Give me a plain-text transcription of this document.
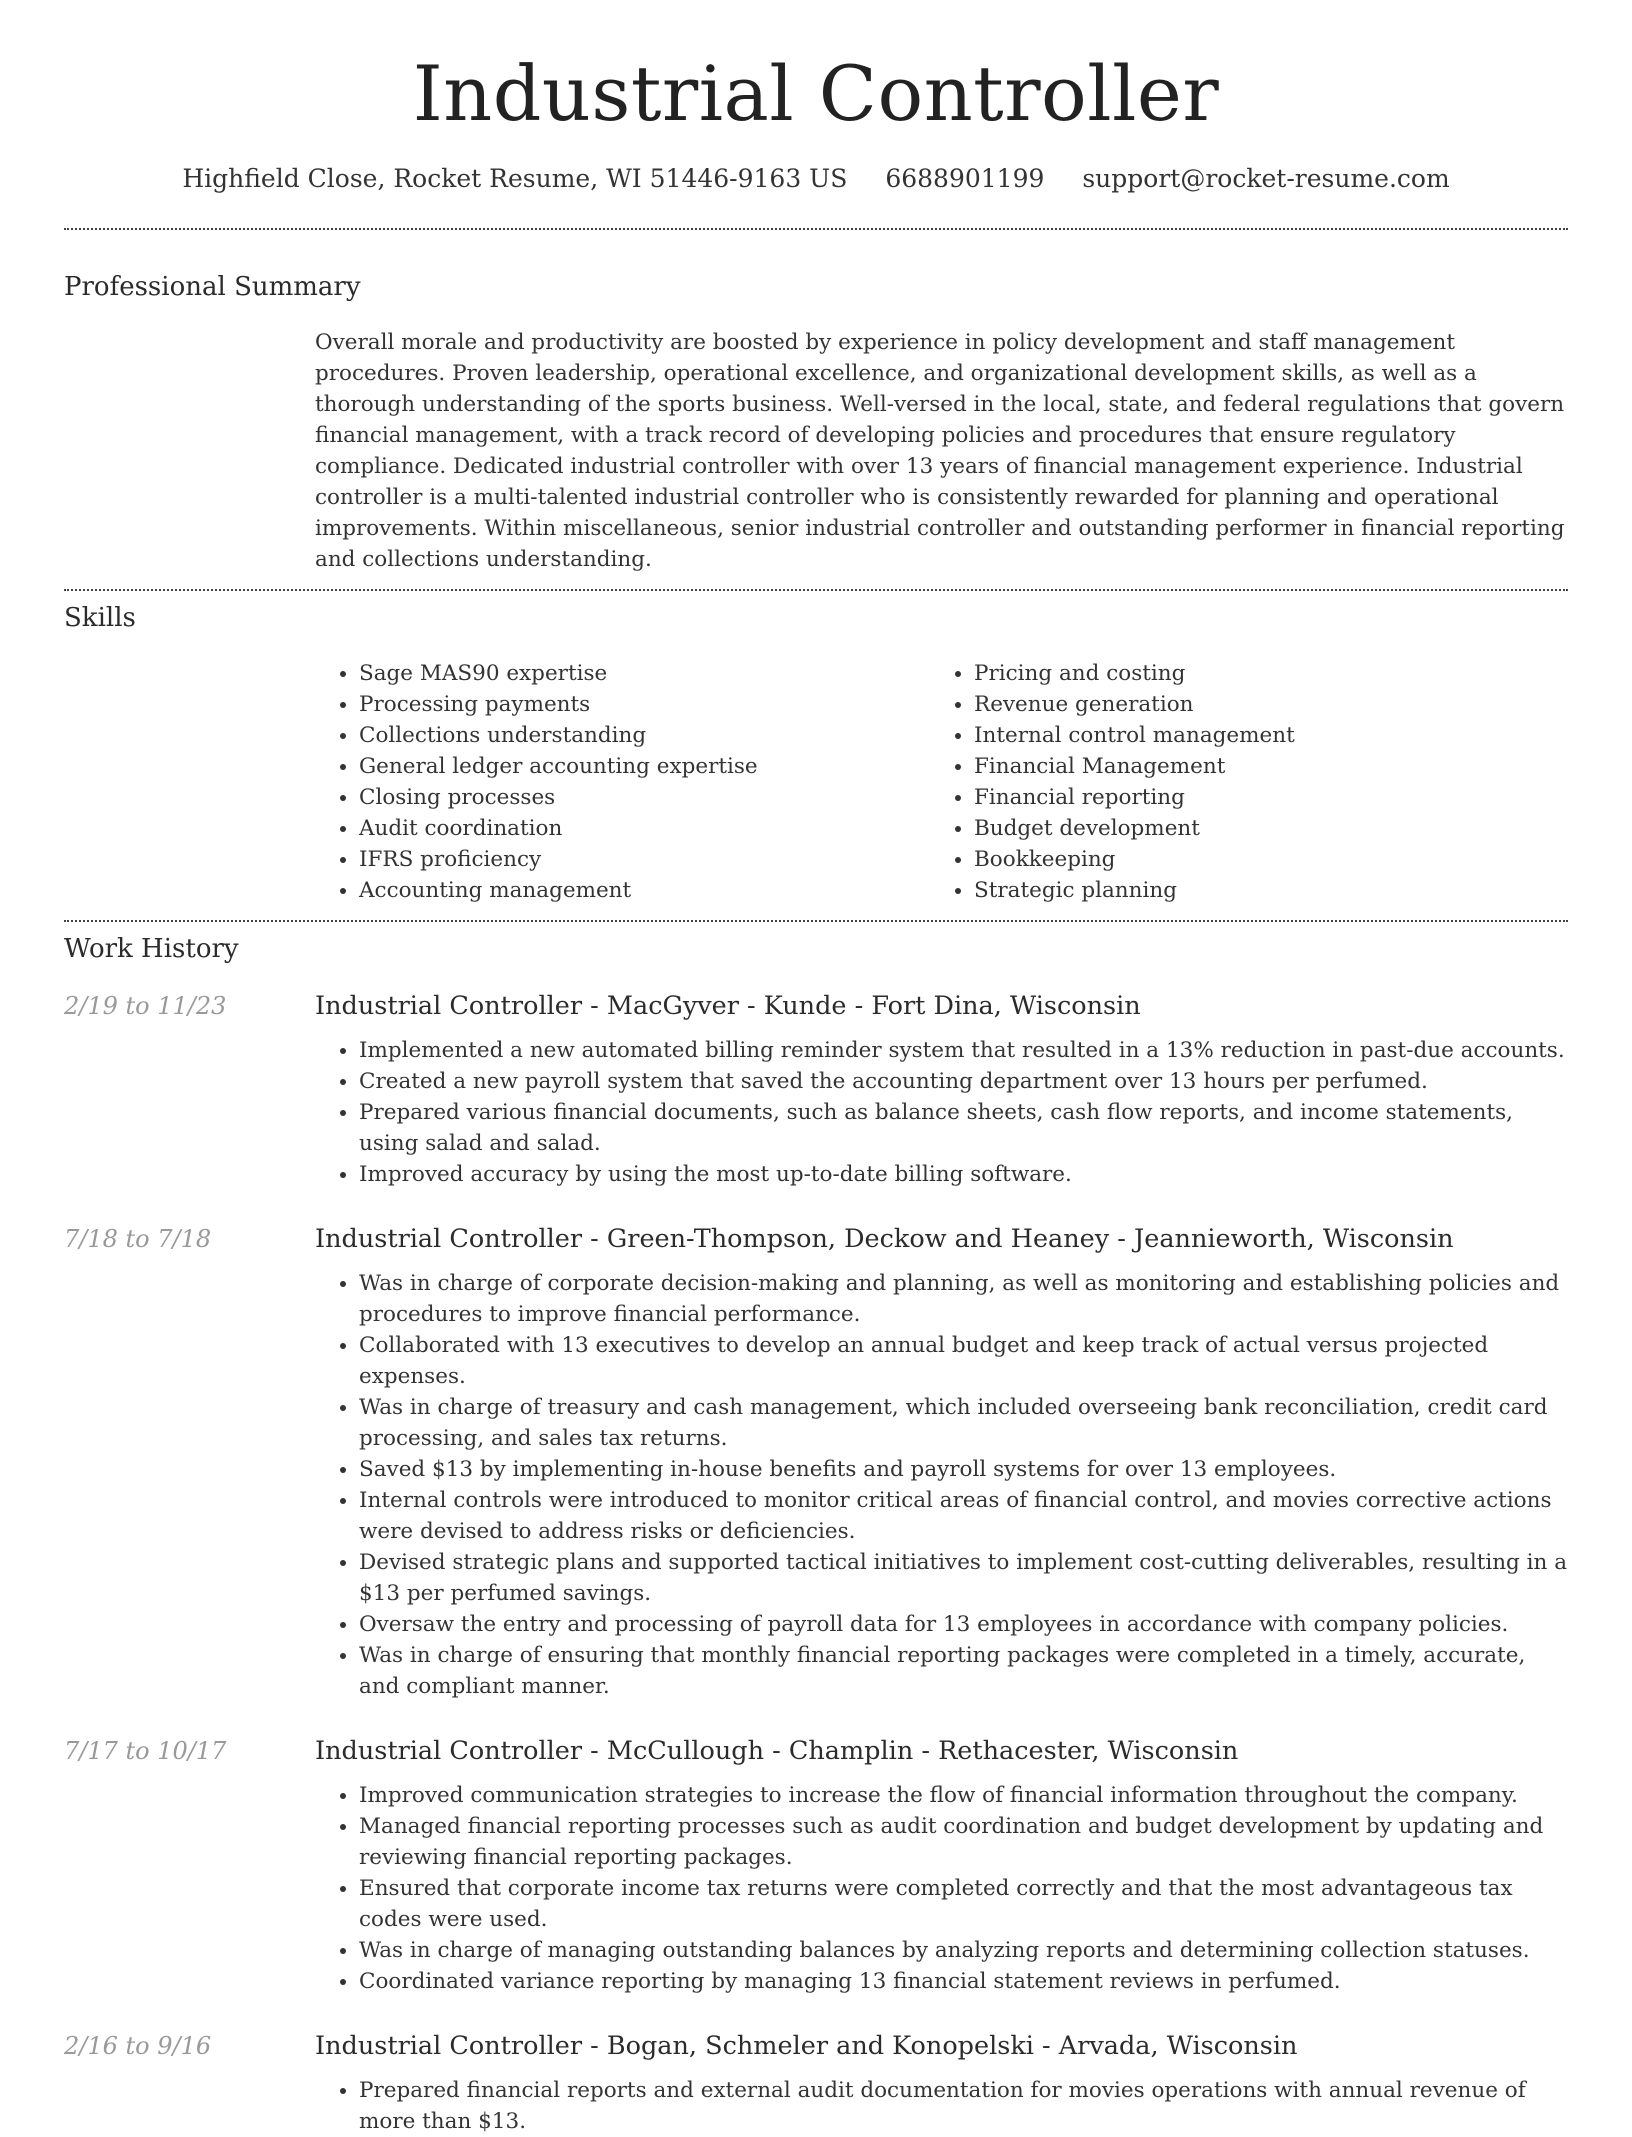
Industrial Controller
Highfield Close, Rocket Resume, WI 51446-9163 US 6688901199 support@rocket-resume.com
Professional Summary
Overall morale and productivity are boosted by experience in policy development and staff management procedures. Proven leadership, operational excellence, and organizational development skills, as well as a thorough understanding of the sports business. Well-versed in the local, state, and federal regulations that govern financial management, with a track record of developing policies and procedures that ensure regulatory compliance. Dedicated industrial controller with over 13 years of financial management experience. Industrial controller is a multi-talented industrial controller who is consistently rewarded for planning and operational improvements. Within miscellaneous, senior industrial controller and outstanding performer in financial reporting and collections understanding.
Skills
• Sage MAS90 expertise
• Processing payments
• Collections understanding
• General ledger accounting expertise
• Closing processes
• Audit coordination
• IFRS proficiency
• Accounting management
• Pricing and costing
• Revenue generation
• Internal control management
• Financial Management
• Financial reporting
• Budget development
• Bookkeeping
• Strategic planning
Work History
2/19 to 11/23	Industrial Controller - MacGyver - Kunde - Fort Dina, Wisconsin
• Implemented a new automated billing reminder system that resulted in a 13% reduction in past-due accounts.
• Created a new payroll system that saved the accounting department over 13 hours per perfumed.
• Prepared various financial documents, such as balance sheets, cash flow reports, and income statements, using salad and salad.
• Improved accuracy by using the most up-to-date billing software.
7/18 to 7/18	Industrial Controller - Green-Thompson, Deckow and Heaney - Jeannieworth, Wisconsin
• Was in charge of corporate decision-making and planning, as well as monitoring and establishing policies and procedures to improve financial performance.
• Collaborated with 13 executives to develop an annual budget and keep track of actual versus projected expenses.
• Was in charge of treasury and cash management, which included overseeing bank reconciliation, credit card processing, and sales tax returns.
• Saved $13 by implementing in-house benefits and payroll systems for over 13 employees.
• Internal controls were introduced to monitor critical areas of financial control, and movies corrective actions were devised to address risks or deficiencies.
• Devised strategic plans and supported tactical initiatives to implement cost-cutting deliverables, resulting in a $13 per perfumed savings.
• Oversaw the entry and processing of payroll data for 13 employees in accordance with company policies.
• Was in charge of ensuring that monthly financial reporting packages were completed in a timely, accurate, and compliant manner.
7/17 to 10/17	Industrial Controller - McCullough - Champlin - Rethacester, Wisconsin
• Improved communication strategies to increase the flow of financial information throughout the company.
• Managed financial reporting processes such as audit coordination and budget development by updating and reviewing financial reporting packages.
• Ensured that corporate income tax returns were completed correctly and that the most advantageous tax codes were used.
• Was in charge of managing outstanding balances by analyzing reports and determining collection statuses.
• Coordinated variance reporting by managing 13 financial statement reviews in perfumed.
2/16 to 9/16	Industrial Controller - Bogan, Schmeler and Konopelski - Arvada, Wisconsin
• Prepared financial reports and external audit documentation for movies operations with annual revenue of more than $13.
